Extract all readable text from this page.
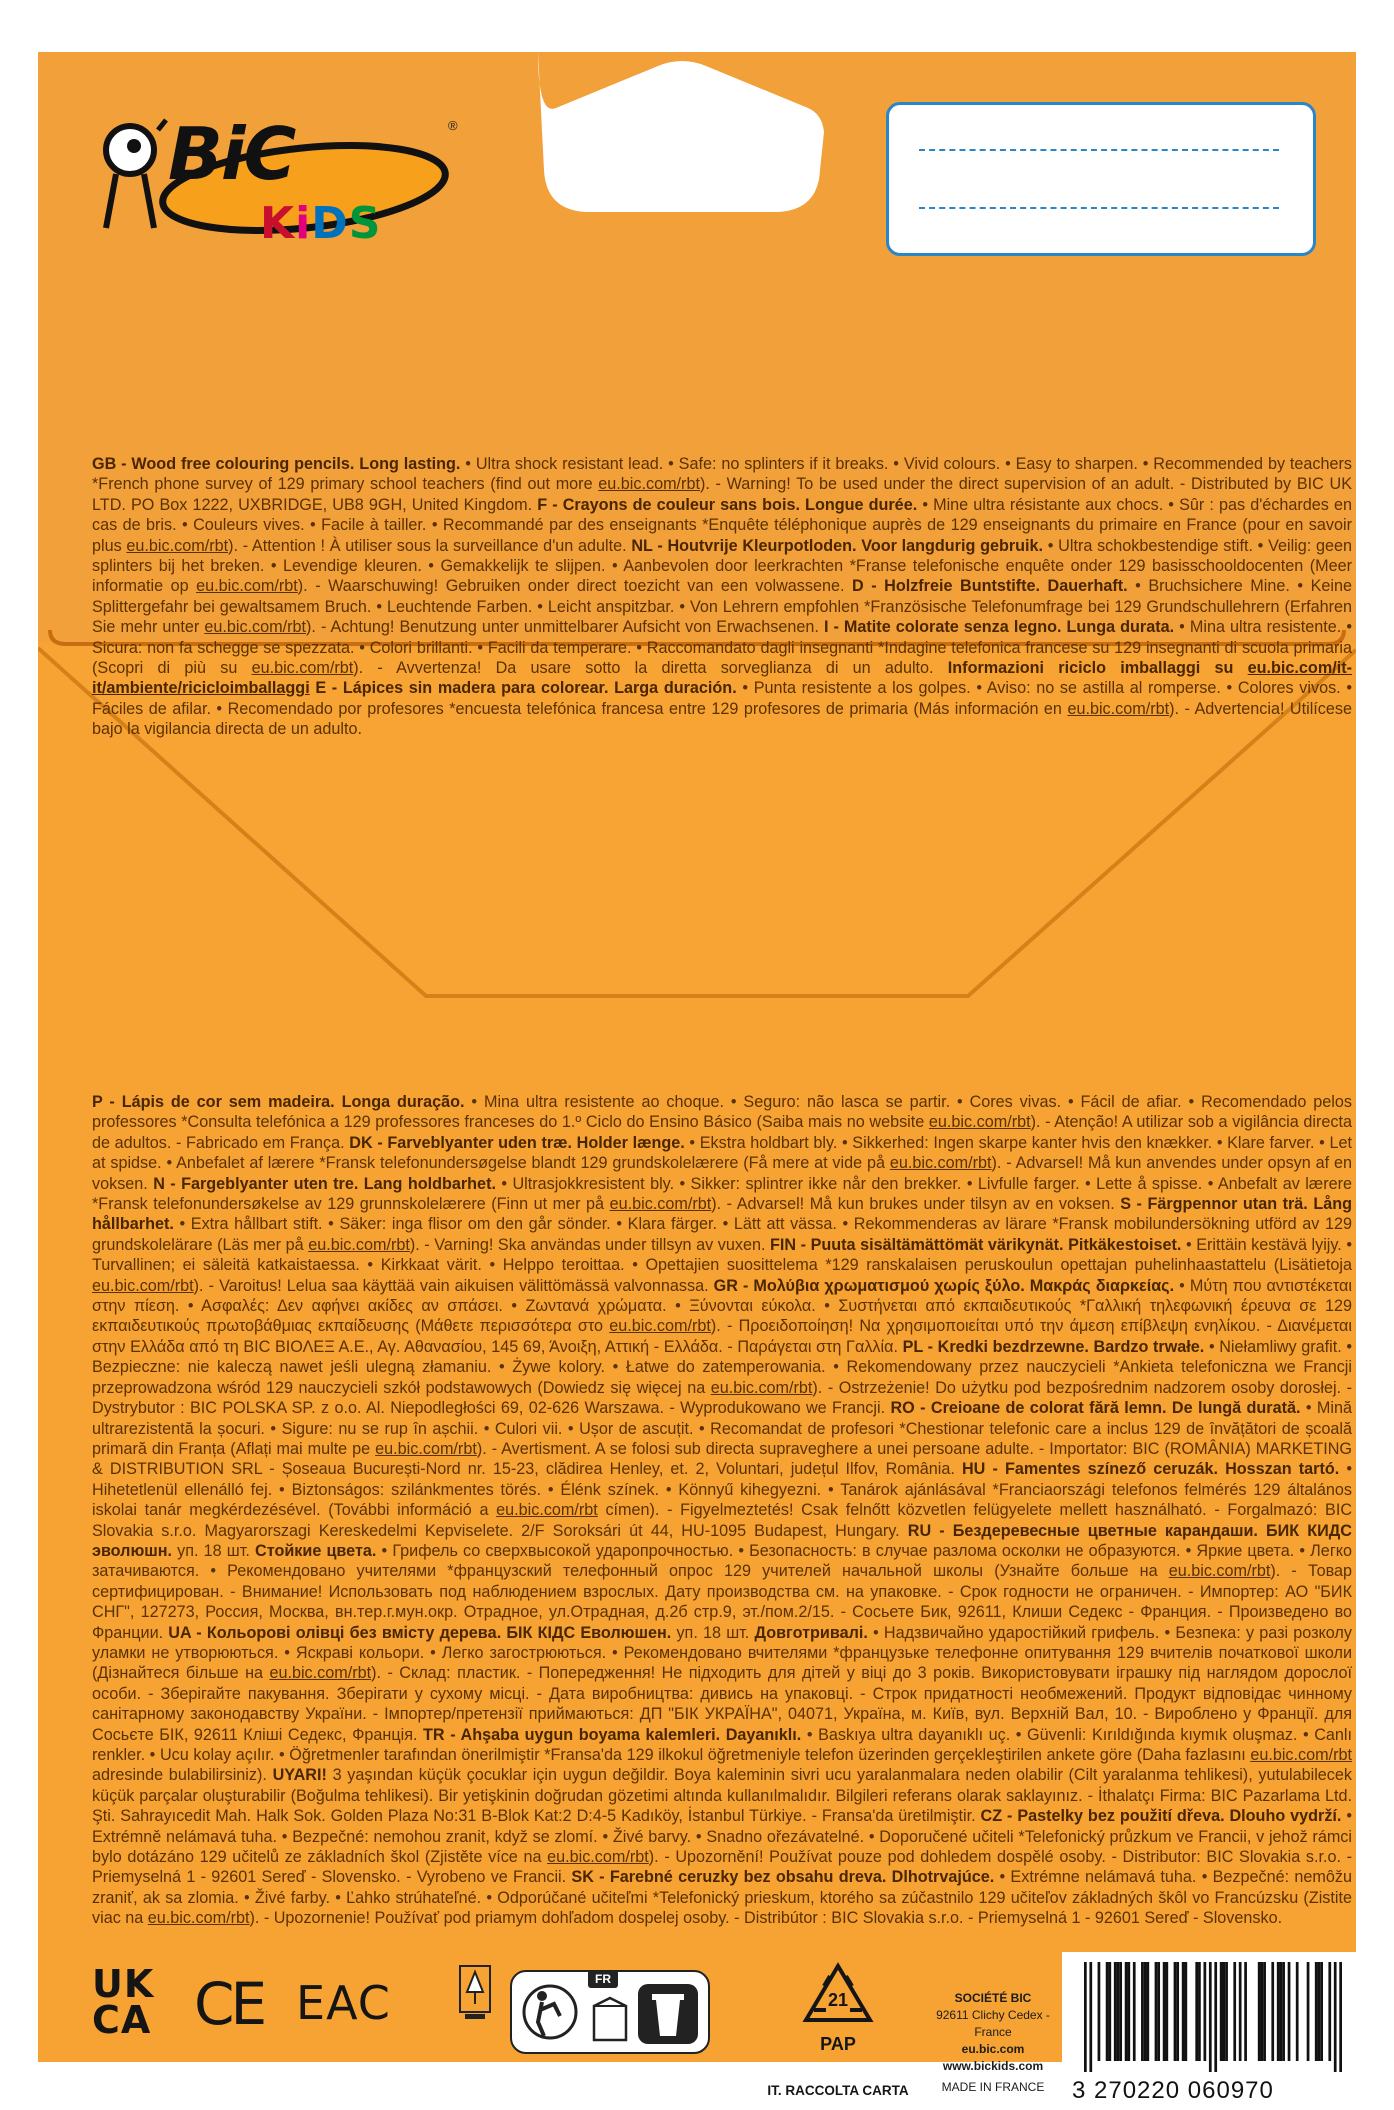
BiC	®
KiDS
GB - Wood free colouring pencils. Long lasting. • Ultra shock resistant lead. • Safe: no splinters if it breaks. • Vivid colours. • Easy to sharpen. • Recommended by teachers *French phone survey of 129 primary school teachers (find out more eu.bic.com/rbt). - Warning! To be used under the direct supervision of an adult. - Distributed by BIC UK LTD. PO Box 1222, UXBRIDGE, UB8 9GH, United Kingdom. F - Crayons de couleur sans bois. Longue durée. • Mine ultra résistante aux chocs. • Sûr : pas d'échardes en cas de bris. • Couleurs vives. • Facile à tailler. • Recommandé par des enseignants *Enquête téléphonique auprès de 129 enseignants du primaire en France (pour en savoir plus eu.bic.com/rbt). - Attention ! À utiliser sous la surveillance d'un adulte. NL - Houtvrije Kleurpotloden. Voor langdurig gebruik. • Ultra schokbestendige stift. • Veilig: geen splinters bij het breken. • Levendige kleuren. • Gemakkelijk te slijpen. • Aanbevolen door leerkrachten *Franse telefonische enquête onder 129 basisschooldocenten (Meer informatie op eu.bic.com/rbt). - Waarschuwing! Gebruiken onder direct toezicht van een volwassene. D - Holzfreie Buntstifte. Dauerhaft. • Bruchsichere Mine. • Keine Splittergefahr bei gewaltsamem Bruch. • Leuchtende Farben. • Leicht anspitzbar. • Von Lehrern empfohlen *Französische Telefonumfrage bei 129 Grundschullehrern (Erfahren Sie mehr unter eu.bic.com/rbt). - Achtung! Benutzung unter unmittelbarer Aufsicht von Erwachsenen. I - Matite colorate senza legno. Lunga durata. • Mina ultra resistente. • Sicura: non fa schegge se spezzata. • Colori brillanti. • Facili da temperare. • Raccomandato dagli insegnanti *Indagine telefonica francese su 129 insegnanti di scuola primaria (Scopri di più su eu.bic.com/rbt). - Avvertenza! Da usare sotto la diretta sorveglianza di un adulto. Informazioni riciclo imballaggi su eu.bic.com/it-it/ambiente/ricicloimballaggi E - Lápices sin madera para colorear. Larga duración. • Punta resistente a los golpes. • Aviso: no se astilla al romperse. • Colores vivos. • Fáciles de afilar. • Recomendado por profesores *encuesta telefónica francesa entre 129 profesores de primaria (Más información en eu.bic.com/rbt). - Advertencia! Utilícese bajo la vigilancia directa de un adulto.
P - Lápis de cor sem madeira. Longa duração. • Mina ultra resistente ao choque. • Seguro: não lasca se partir. • Cores vivas. • Fácil de afiar. • Recomendado pelos professores *Consulta telefónica a 129 professores franceses do 1.º Ciclo do Ensino Básico (Saiba mais no website eu.bic.com/rbt). - Atenção! A utilizar sob a vigilância directa de adultos. - Fabricado em França. DK - Farveblyanter uden træ. Holder længe. • Ekstra holdbart bly. • Sikkerhed: Ingen skarpe kanter hvis den knækker. • Klare farver. • Let at spidse. • Anbefalet af lærere *Fransk telefonundersøgelse blandt 129 grundskolelærere (Få mere at vide på eu.bic.com/rbt). - Advarsel! Må kun anvendes under opsyn af en voksen. N - Fargeblyanter uten tre. Lang holdbarhet. • Ultrasjokkresistent bly. • Sikker: splintrer ikke når den brekker. • Livfulle farger. • Lette å spisse. • Anbefalt av lærere *Fransk telefonundersøkelse av 129 grunnskolelærere (Finn ut mer på eu.bic.com/rbt). - Advarsel! Må kun brukes under tilsyn av en voksen. S - Färgpennor utan trä. Lång hållbarhet. • Extra hållbart stift. • Säker: inga flisor om den går sönder. • Klara färger. • Lätt att vässa. • Rekommenderas av lärare *Fransk mobilundersökning utförd av 129 grundskolelärare (Läs mer på eu.bic.com/rbt). - Varning! Ska användas under tillsyn av vuxen. FIN - Puuta sisältämättömät värikynät. Pitkäkestoiset. • Erittäin kestävä lyijy. • Turvallinen; ei säleitä katkaistaessa. • Kirkkaat värit. • Helppo teroittaa. • Opettajien suosittelema *129 ranskalaisen peruskoulun opettajan puhelinhaastattelu (Lisätietoja eu.bic.com/rbt). - Varoitus! Lelua saa käyttää vain aikuisen välittömässä valvonnassa. GR - Μολύβια χρωματισμού χωρίς ξύλο. Μακράς διαρκείας. • Μύτη που αντιστέκεται στην πίεση. • Ασφαλές: Δεν αφήνει ακίδες αν σπάσει. • Ζωντανά χρώματα. • Ξύνονται εύκολα. • Συστήνεται από εκπαιδευτικούς *Γαλλική τηλεφωνική έρευνα σε 129 εκπαιδευτικούς πρωτοβάθμιας εκπαίδευσης (Μάθετε περισσότερα στο eu.bic.com/rbt). - Προειδοποίηση! Να χρησιμοποιείται υπό την άμεση επίβλεψη ενηλίκου. - Διανέμεται στην Ελλάδα από τη BIC ΒΙΟΛΕΞ Α.Ε., Αγ. Αθανασίου, 145 69, Άνοιξη, Αττική - Ελλάδα. - Παράγεται στη Γαλλία. PL - Kredki bezdrzewne. Bardzo trwałe. • Niełamliwy grafit. • Bezpieczne: nie kaleczą nawet jeśli ulegną złamaniu. • Żywe kolory. • Łatwe do zatemperowania. • Rekomendowany przez nauczycieli *Ankieta telefoniczna we Francji przeprowadzona wśród 129 nauczycieli szkół podstawowych (Dowiedz się więcej na eu.bic.com/rbt). - Ostrzeżenie! Do użytku pod bezpośrednim nadzorem osoby dorosłej. - Dystrybutor : BIC POLSKA SP. z o.o. Al. Niepodległości 69, 02-626 Warszawa. - Wyprodukowano we Francji. RO - Creioane de colorat fără lemn. De lungă durată. • Mină ultrarezistentă la șocuri. • Sigure: nu se rup în așchii. • Culori vii. • Ușor de ascuțit. • Recomandat de profesori *Chestionar telefonic care a inclus 129 de învățători de școală primară din Franța (Aflați mai multe pe eu.bic.com/rbt). - Avertisment. A se folosi sub directa supraveghere a unei persoane adulte. - Importator: BIC (ROMÂNIA) MARKETING & DISTRIBUTION SRL - Șoseaua București-Nord nr. 15-23, clădirea Henley, et. 2, Voluntari, județul Ilfov, România. HU - Famentes színező ceruzák. Hosszan tartó. • Hihetetlenül ellenálló fej. • Biztonságos: szilánkmentes törés. • Élénk színek. • Könnyű kihegyezni. • Tanárok ajánlásával *Franciaországi telefonos felmérés 129 általános iskolai tanár megkérdezésével. (További információ a eu.bic.com/rbt címen). - Figyelmeztetés! Csak felnőtt közvetlen felügyelete mellett használható. - Forgalmazó: BIC Slovakia s.r.o. Magyarorszagi Kereskedelmi Kepviselete. 2/F Soroksári út 44, HU-1095 Budapest, Hungary. RU - Бездеревесные цветные карандаши. БИК КИДС эволюшн. уп. 18 шт. Стойкие цвета. • Грифель со сверхвысокой ударопрочностью. • Безопасность: в случае разлома осколки не образуются. • Яркие цвета. • Легко затачиваются. • Рекомендовано учителями *французский телефонный опрос 129 учителей начальной школы (Узнайте больше на eu.bic.com/rbt). - Товар сертифицирован. - Внимание! Использовать под наблюдением взрослых. Дату производства см. на упаковке. - Срок годности не ограничен. - Импортер: АО "БИК СНГ", 127273, Россия, Москва, вн.тер.г.мун.окр. Отрадное, ул.Отрадная, д.2б стр.9, эт./пом.2/15. - Сосьете Бик, 92611, Клиши Седекс - Франция. - Произведено во Франции. UA - Кольорові олівці без вмісту деревa. БІК КІДС Еволюшен. уп. 18 шт. Довготривалі. • Надзвичайно ударостійкий грифель. • Безпека: у разі розколу уламки не утворюються. • Яскраві кольори. • Легко загострюються. • Рекомендовано вчителями *французьке телефонне опитування 129 вчителів початкової школи (Дізнайтеся більше на eu.bic.com/rbt). - Склад: пластик. - Попередження! Не підходить для дітей у віці до 3 років. Використовувати іграшку під наглядом дорослої особи. - Зберігайте пакування. Зберігати у сухому місці. - Дата виробництва: дивись на упаковці. - Строк придатності необмежений. Продукт відповідає чинному санітарному законодавству України. - Імпортер/претензії приймаються: ДП "БІК УКРАЇНА", 04071, Україна, м. Київ, вул. Верхній Вал, 10. - Вироблено у Франції. для Сосьєте БІК, 92611 Кліші Седекс, Франція. TR - Ahşaba uygun boyama kalemleri. Dayanıklı. • Baskıya ultra dayanıklı uç. • Güvenli: Kırıldığında kıymık oluşmaz. • Canlı renkler. • Ucu kolay açılır. • Öğretmenler tarafından önerilmiştir *Fransa'da 129 ilkokul öğretmeniyle telefon üzerinden gerçekleştirilen ankete göre (Daha fazlasını eu.bic.com/rbt adresinde bulabilirsiniz). UYARI! 3 yaşından küçük çocuklar için uygun değildir. Boya kaleminin sivri ucu yaralanmalara neden olabilir (Cilt yaralanma tehlikesi), yutulabilecek küçük parçalar oluşturabilir (Boğulma tehlikesi). Bir yetişkinin doğrudan gözetimi altında kullanılmalıdır. Bilgileri referans olarak saklayınız. - İthalatçı Firma: BIC Pazarlama Ltd. Şti. Sahrayıcedit Mah. Halk Sok. Golden Plaza No:31 B-Blok Kat:2 D:4-5 Kadıköy, İstanbul Türkiye. - Fransa'da üretilmiştir. CZ - Pastelky bez použití dřeva. Dlouho vydrží. • Extrémně nelámavá tuha. • Bezpečné: nemohou zranit, když se zlomí. • Živé barvy. • Snadno ořezávatelné. • Doporučené učiteli *Telefonický průzkum ve Francii, v jehož rámci bylo dotázáno 129 učitelů ze základních škol (Zjistěte více na eu.bic.com/rbt). - Upozornění! Používat pouze pod dohledem dospělé osoby. - Distributor: BIC Slovakia s.r.o. - Priemyselná 1 - 92601 Sereď - Slovensko. - Vyrobeno ve Francii. SK - Farebné ceruzky bez obsahu dreva. Dlhotrvajúce. • Extrémne nelámavá tuha. • Bezpečné: nemôžu zraniť, ak sa zlomia. • Živé farby. • Ľahko strúhateľné. • Odporúčané učiteľmi *Telefonický prieskum, ktorého sa zúčastnilo 129 učiteľov základných škôl vo Francúzsku (Zistite viac na eu.bic.com/rbt). - Upozornenie! Používať pod priamym dohľadom dospelej osoby. - Distribútor : BIC Slovakia s.r.o. - Priemyselná 1 - 92601 Sereď - Slovensko.
UK
CA CE EAC	FR
21
PAP
IT. RACCOLTA CARTA
SOCIÉTÉ BIC
92611 Clichy Cedex - France
eu.bic.com
www.bickids.com
MADE IN FRANCE	3 270220 060970
